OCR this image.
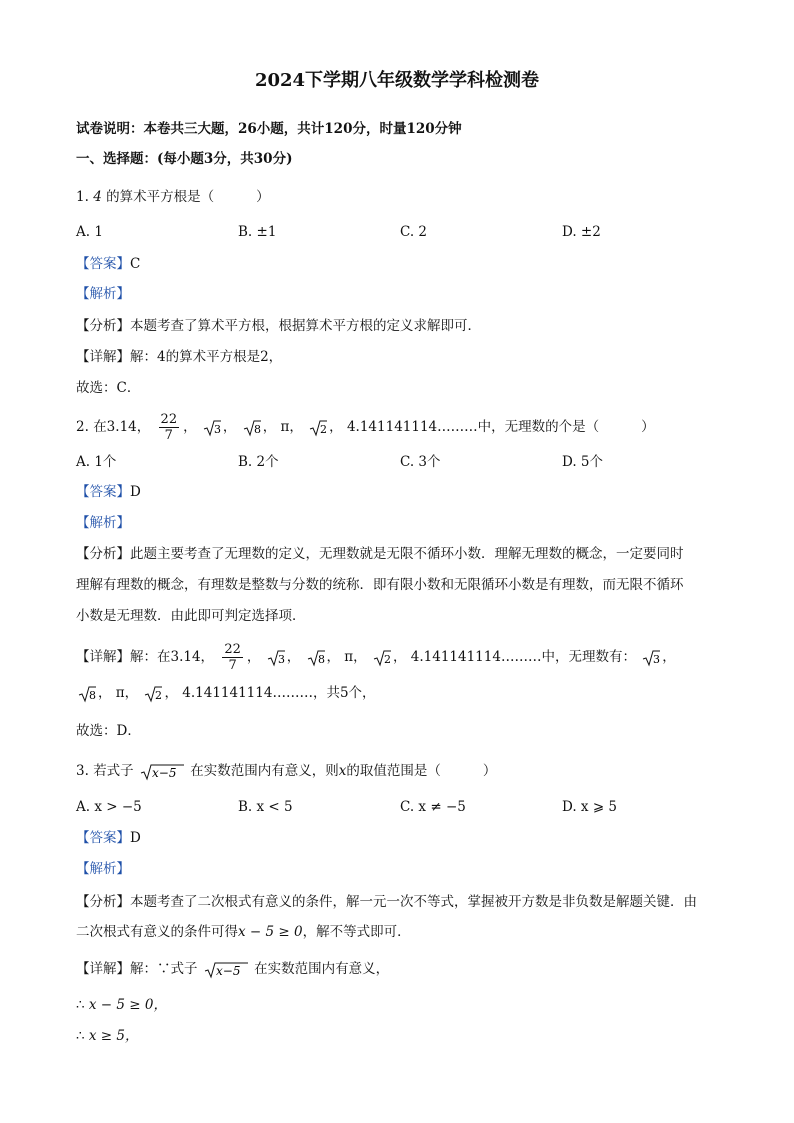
2024下学期八年级数学学科检测卷
试卷说明：本卷共三大题，26小题，共计120分，时量120分钟
一、选择题：(每小题3分，共30分)
1. 4 的算术平方根是（	）
A. 1	B. ±1	C. 2	D. ±2
【答案】C
【解析】
【分析】本题考查了算术平方根，根据算术平方根的定义求解即可．
【详解】解：4的算术平方根是2，
故选：C．
2. 在3.14， $\frac{22}{7}$ ， 3 ， 8 ， π， 2 ， 4.141141114………中，无理数的个是（	）
A. 1个	B. 2个	C. 3个	D. 5个
【答案】D
【解析】
【分析】此题主要考查了无理数的定义，无理数就是无限不循环小数．理解无理数的概念，一定要同时
理解有理数的概念，有理数是整数与分数的统称．即有限小数和无限循环小数是有理数，而无限不循环
小数是无理数．由此即可判定选择项．
【详解】解：在3.14， $\frac{22}{7}$ ， 3 ， 8 ， π， 2 ， 4.141141114………中，无理数有： 3 ，
8 ， π， 2 ， 4.141141114………，共5个，
故选：D．
3. 若式子 x−5 在实数范围内有意义，则x的取值范围是（	）
A. x > −5	B. x < 5	C. x ≠ −5	D. x ⩾ 5
【答案】D
【解析】
【分析】本题考查了二次根式有意义的条件，解一元一次不等式，掌握被开方数是非负数是解题关键．由
二次根式有意义的条件可得x − 5 ≥ 0，解不等式即可．
【详解】解：∵式子 x−5 在实数范围内有意义，
∴ x − 5 ≥ 0，
∴ x ≥ 5，
